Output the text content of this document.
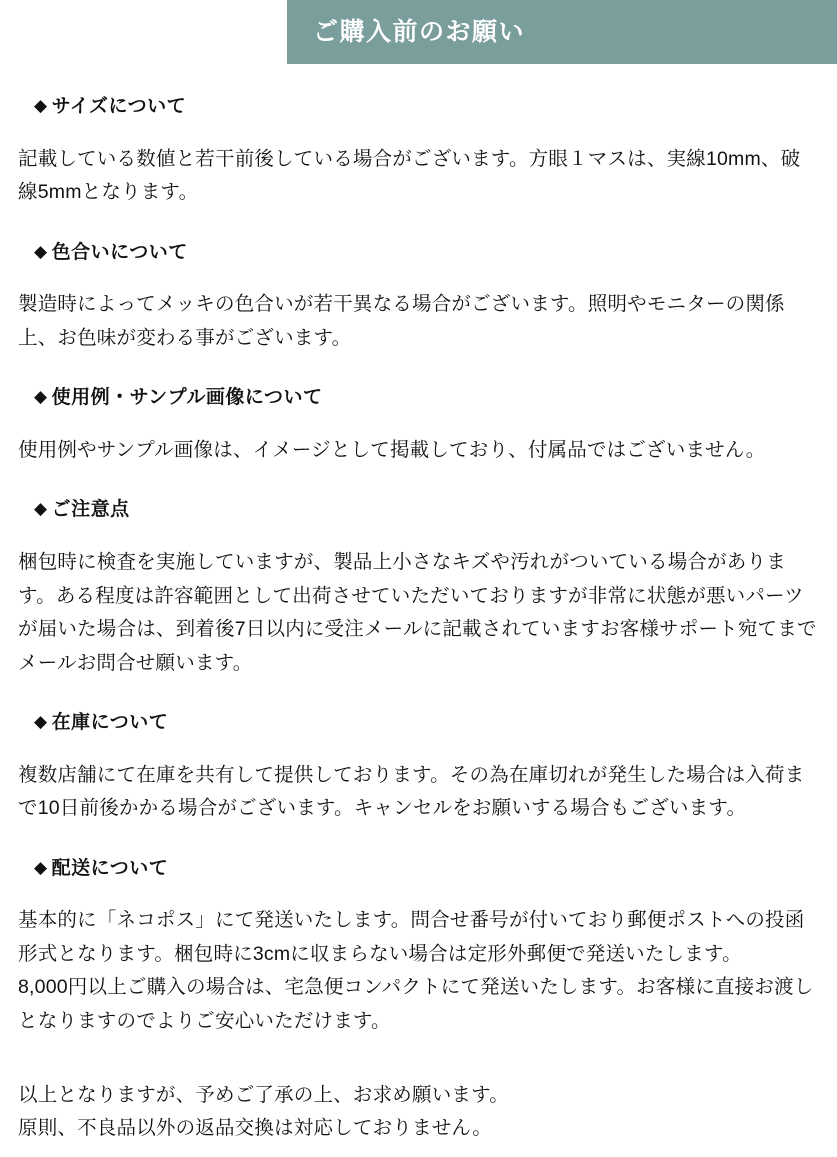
ご購入前のお願い
◆ サイズについて

記載している数値と若干前後している場合がございます。方眼１マスは、実線10mm、破線5mmとなります。

◆ 色合いについて

製造時によってメッキの色合いが若干異なる場合がございます。照明やモニターの関係上、お色味が変わる事がございます。

◆ 使用例・サンプル画像について

使用例やサンプル画像は、イメージとして掲載しており、付属品ではございません。

◆ ご注意点

梱包時に検査を実施していますが、製品上小さなキズや汚れがついている場合があります。ある程度は許容範囲として出荷させていただいておりますが非常に状態が悪いパーツが届いた場合は、到着後7日以内に受注メールに記載されていますお客様サポート宛てまでメールお問合せ願います。

◆ 在庫について

複数店舗にて在庫を共有して提供しております。その為在庫切れが発生した場合は入荷まで10日前後かかる場合がございます。キャンセルをお願いする場合もございます。

◆ 配送について

基本的に「ネコポス」にて発送いたします。問合せ番号が付いており郵便ポストへの投函形式となります。梱包時に3cmに収まらない場合は定形外郵便で発送いたします。

8,000円以上ご購入の場合は、宅急便コンパクトにて発送いたします。お客様に直接お渡しとなりますのでよりご安心いただけます。

以上となりますが、予めご了承の上、お求め願います。

原則、不良品以外の返品交換は対応しておりません。
